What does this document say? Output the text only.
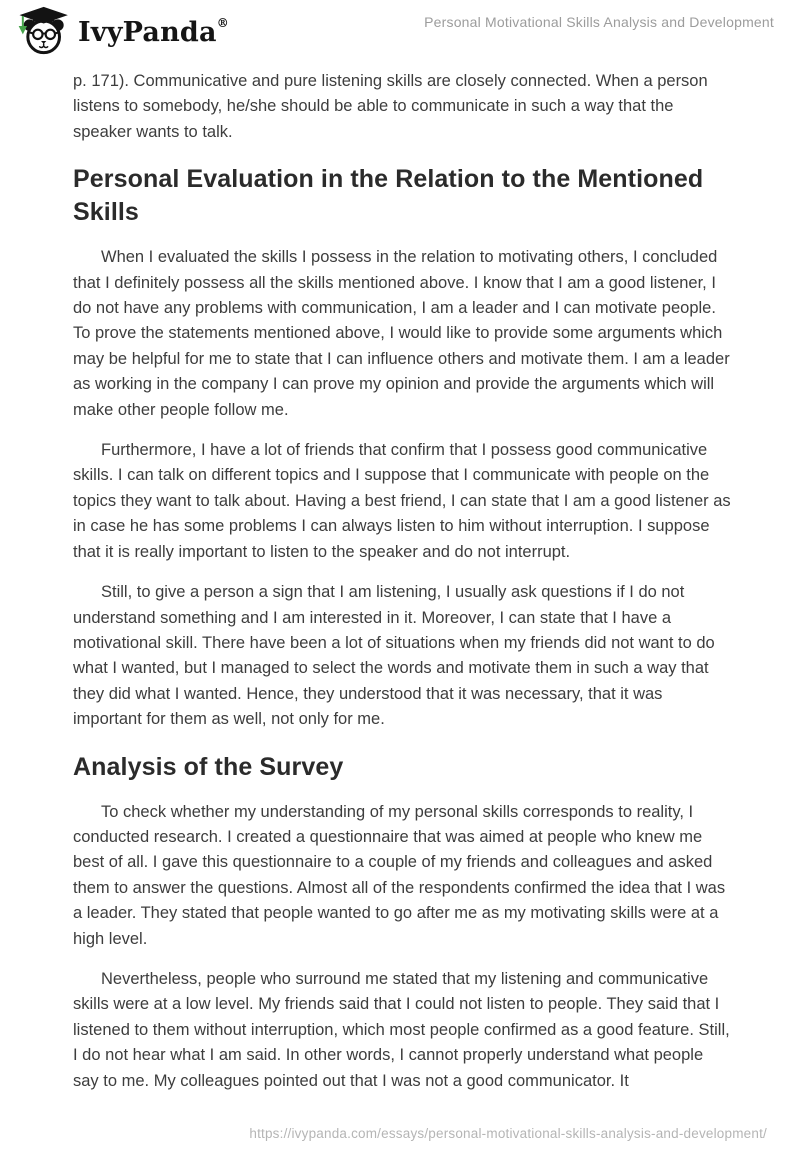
IvyPanda®	Personal Motivational Skills Analysis and Development

p. 171). Communicative and pure listening skills are closely connected. When a person listens to somebody, he/she should be able to communicate in such a way that the speaker wants to talk.

Personal Evaluation in the Relation to the Mentioned Skills

When I evaluated the skills I possess in the relation to motivating others, I concluded that I definitely possess all the skills mentioned above. I know that I am a good listener, I do not have any problems with communication, I am a leader and I can motivate people. To prove the statements mentioned above, I would like to provide some arguments which may be helpful for me to state that I can influence others and motivate them. I am a leader as working in the company I can prove my opinion and provide the arguments which will make other people follow me.

Furthermore, I have a lot of friends that confirm that I possess good communicative skills. I can talk on different topics and I suppose that I communicate with people on the topics they want to talk about. Having a best friend, I can state that I am a good listener as in case he has some problems I can always listen to him without interruption. I suppose that it is really important to listen to the speaker and do not interrupt.

Still, to give a person a sign that I am listening, I usually ask questions if I do not understand something and I am interested in it. Moreover, I can state that I have a motivational skill. There have been a lot of situations when my friends did not want to do what I wanted, but I managed to select the words and motivate them in such a way that they did what I wanted. Hence, they understood that it was necessary, that it was important for them as well, not only for me.

Analysis of the Survey

To check whether my understanding of my personal skills corresponds to reality, I conducted research. I created a questionnaire that was aimed at people who knew me best of all. I gave this questionnaire to a couple of my friends and colleagues and asked them to answer the questions. Almost all of the respondents confirmed the idea that I was a leader. They stated that people wanted to go after me as my motivating skills were at a high level.

Nevertheless, people who surround me stated that my listening and communicative skills were at a low level. My friends said that I could not listen to people. They said that I listened to them without interruption, which most people confirmed as a good feature. Still, I do not hear what I am said. In other words, I cannot properly understand what people say to me. My colleagues pointed out that I was not a good communicator. It

https://ivypanda.com/essays/personal-motivational-skills-analysis-and-development/
